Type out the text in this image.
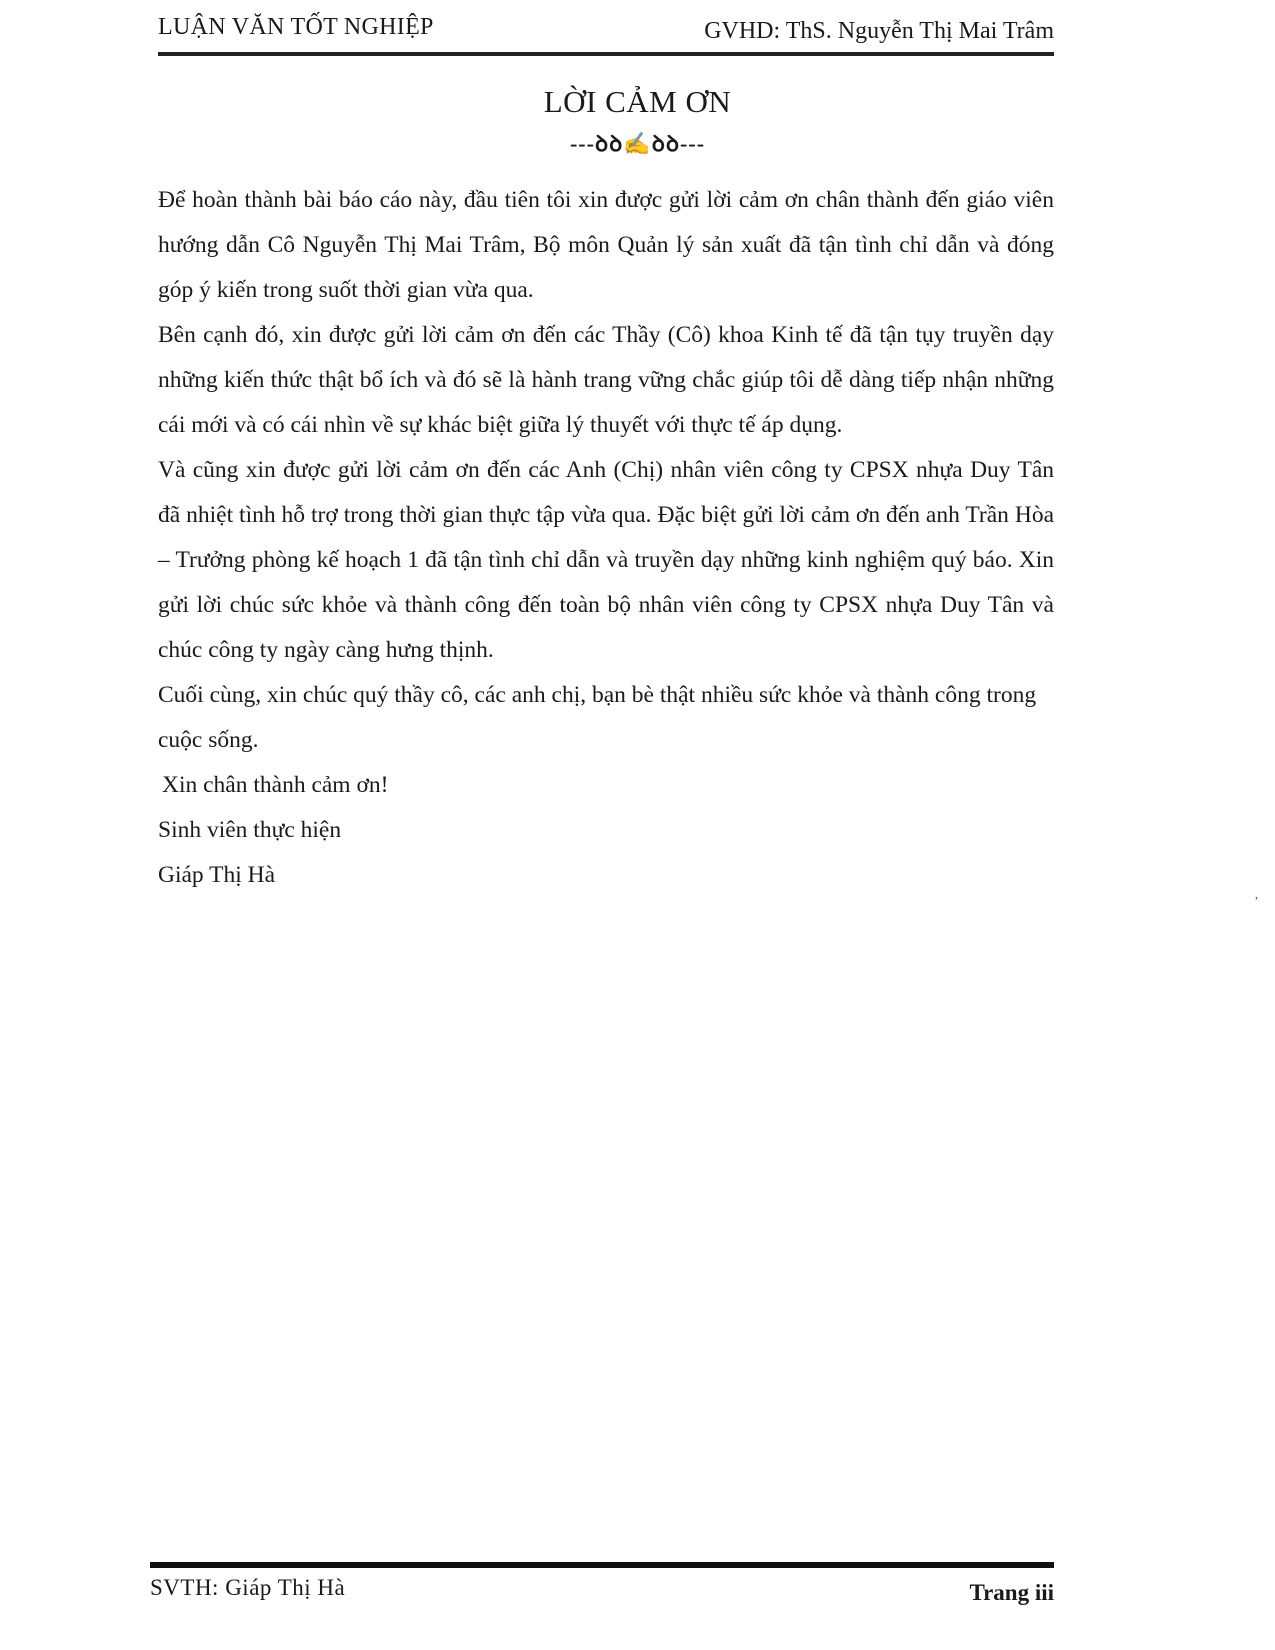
LUẬN VĂN TỐT NGHIỆP	GVHD: ThS. Nguyễn Thị Mai Trâm
LỜI CẢM ƠN
---ꝺꝺ✍ꝺꝺ---

Để hoàn thành bài báo cáo này, đầu tiên tôi xin được gửi lời cảm ơn chân thành đến giáo viên hướng dẫn Cô Nguyễn Thị Mai Trâm, Bộ môn Quản lý sản xuất đã tận tình chỉ dẫn và đóng góp ý kiến trong suốt thời gian vừa qua.

Bên cạnh đó, xin được gửi lời cảm ơn đến các Thầy (Cô) khoa Kinh tế đã tận tụy truyền dạy những kiến thức thật bổ ích và đó sẽ là hành trang vững chắc giúp tôi dễ dàng tiếp nhận những cái mới và có cái nhìn về sự khác biệt giữa lý thuyết với thực tế áp dụng.

Và cũng xin được gửi lời cảm ơn đến các Anh (Chị) nhân viên công ty CPSX nhựa Duy Tân đã nhiệt tình hỗ trợ trong thời gian thực tập vừa qua. Đặc biệt gửi lời cảm ơn đến anh Trần Hòa – Trưởng phòng kế hoạch 1 đã tận tình chỉ dẫn và truyền dạy những kinh nghiệm quý báo. Xin gửi lời chúc sức khỏe và thành công đến toàn bộ nhân viên công ty CPSX nhựa Duy Tân và chúc công ty ngày càng hưng thịnh.

Cuối cùng, xin chúc quý thầy cô, các anh chị, bạn bè thật nhiều sức khỏe và thành công trong cuộc sống.

Xin chân thành cảm ơn!

Sinh viên thực hiện

Giáp Thị Hà

,
SVTH: Giáp Thị Hà	Trang iii
